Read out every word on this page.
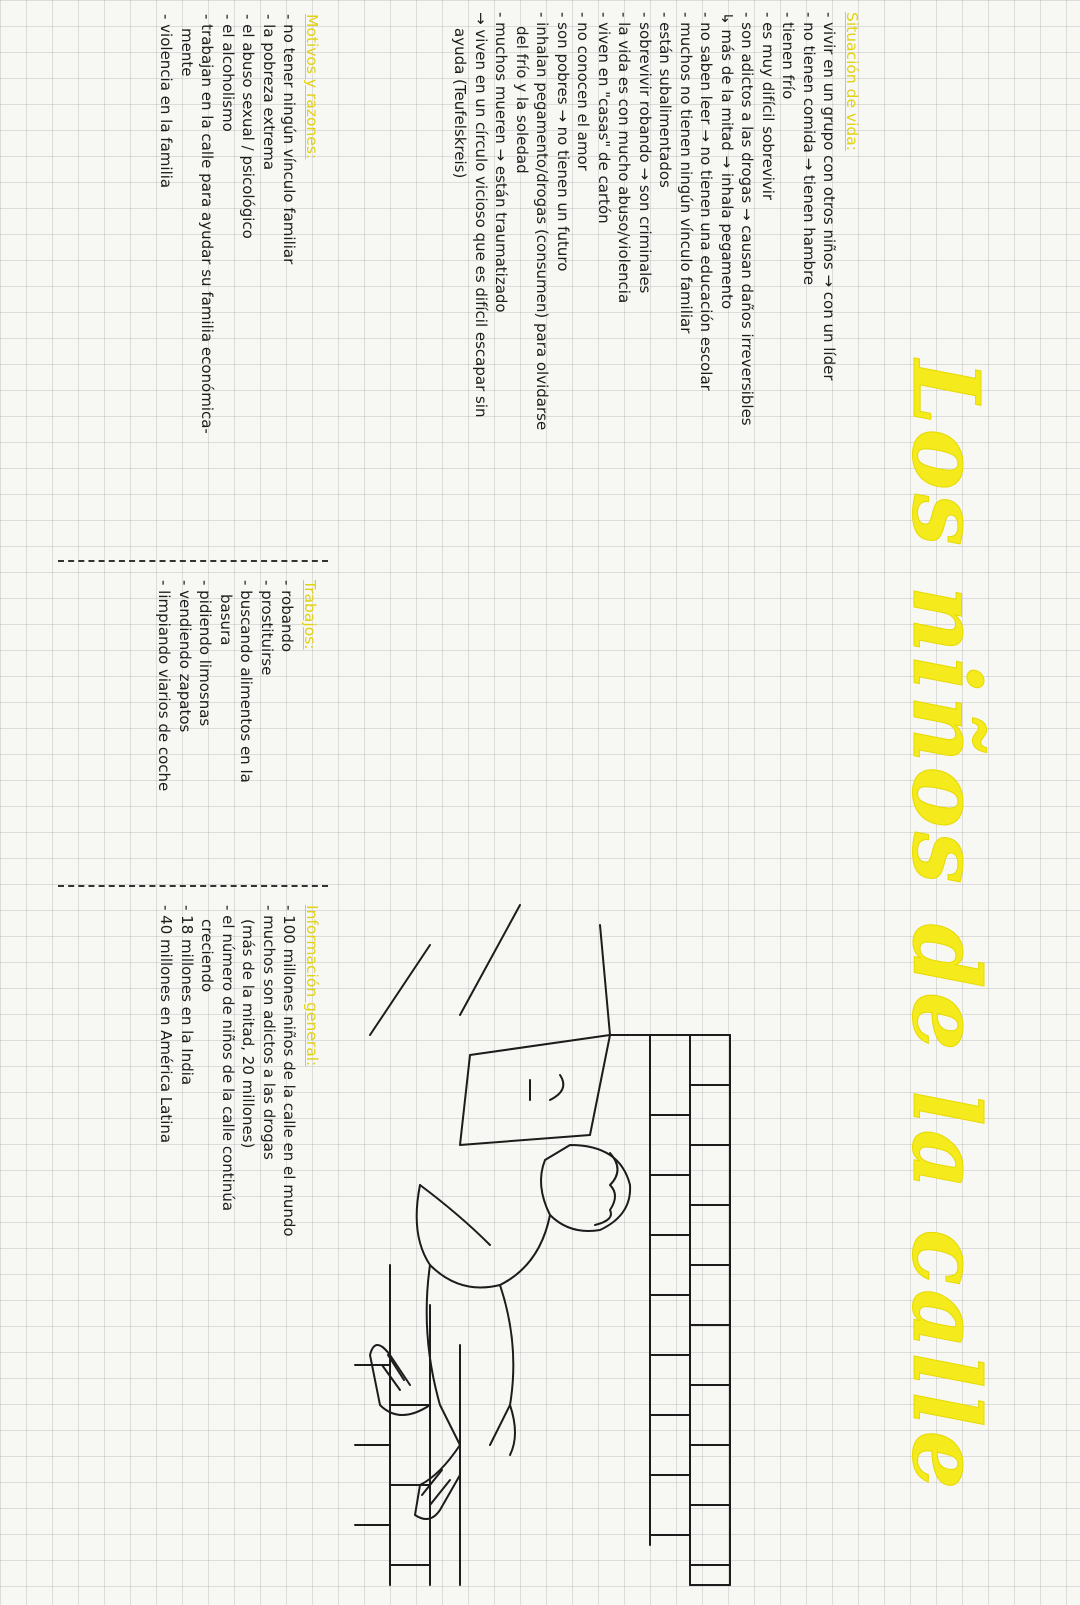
Los niños de la calle
Situación de vida:
- vivir en un grupo con otros niños → con un líder
- no tienen comida → tienen hambre
- tienen frío
- es muy difícil sobrevivir
- son adictos a las drogas → causan daños irreversibles
↳ más de la mitad → inhala pegamento
- no saben leer → no tienen una educación escolar
- muchos no tienen ningún vínculo familiar
- están subalimentados
- sobrevivir robando → son criminales
- la vida es con mucho abuso/violencia
- viven en "casas" de cartón
- no conocen el amor
- son pobres → no tienen un futuro
- inhalan pegamento/drogas (consumen) para olvidarse
del frío y la soledad
- muchos mueren → están traumatizado
→ viven en un círculo vicioso que es difícil escapar sin
ayuda (Teufelskreis)
Motivos y razones:
- no tener ningún vínculo familiar
- la pobreza extrema
- el abuso sexual / psicológico
- el alcoholismo
- trabajan en la calle para ayudar su familia económica-
mente
- violencia en la familia
Trabajos:
- robando
- prostituirse
- buscando alimentos en la
basura
- pidiendo limosnas
- vendiendo zapatos
- limpiando viarios de coche
Información general:
- 100 millones niños de la calle en el mundo
- muchos son adictos a las drogas
(más de la mitad, 20 millones)
- el número de niños de la calle continúa
creciendo
- 18 millones en la India
- 40 millones en América Latina
